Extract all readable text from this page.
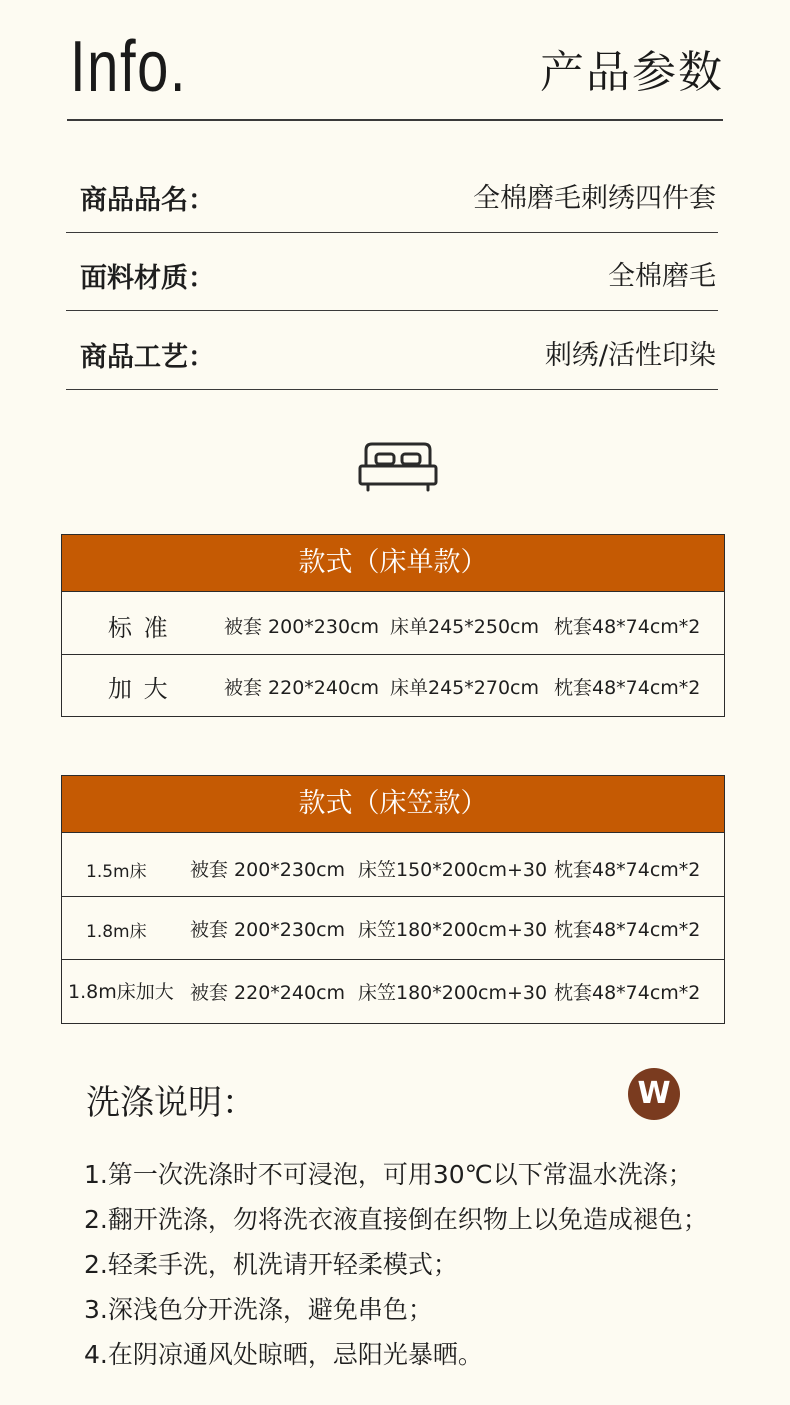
Info.	产品参数
商品品名：	全棉磨毛刺绣四件套
面料材质：	全棉磨毛
商品工艺：	刺绣/活性印染
款式（床单款）
标 准	被套 200*230cm 床单245*250cm 枕套48*74cm*2
加 大	被套 220*240cm 床单245*270cm 枕套48*74cm*2
款式（床笠款）
1.5m床 被套 200*230cm 床笠150*200cm+30 枕套48*74cm*2
1.8m床 被套 200*230cm 床笠180*200cm+30 枕套48*74cm*2
1.8m床加大 被套 220*240cm 床笠180*200cm+30 枕套48*74cm*2
洗涤说明：	W
1.第一次洗涤时不可浸泡，可用30℃以下常温水洗涤；
2.翻开洗涤，勿将洗衣液直接倒在织物上以免造成褪色；
2.轻柔手洗，机洗请开轻柔模式；
3.深浅色分开洗涤，避免串色；
4.在阴凉通风处晾晒，忌阳光暴晒。
